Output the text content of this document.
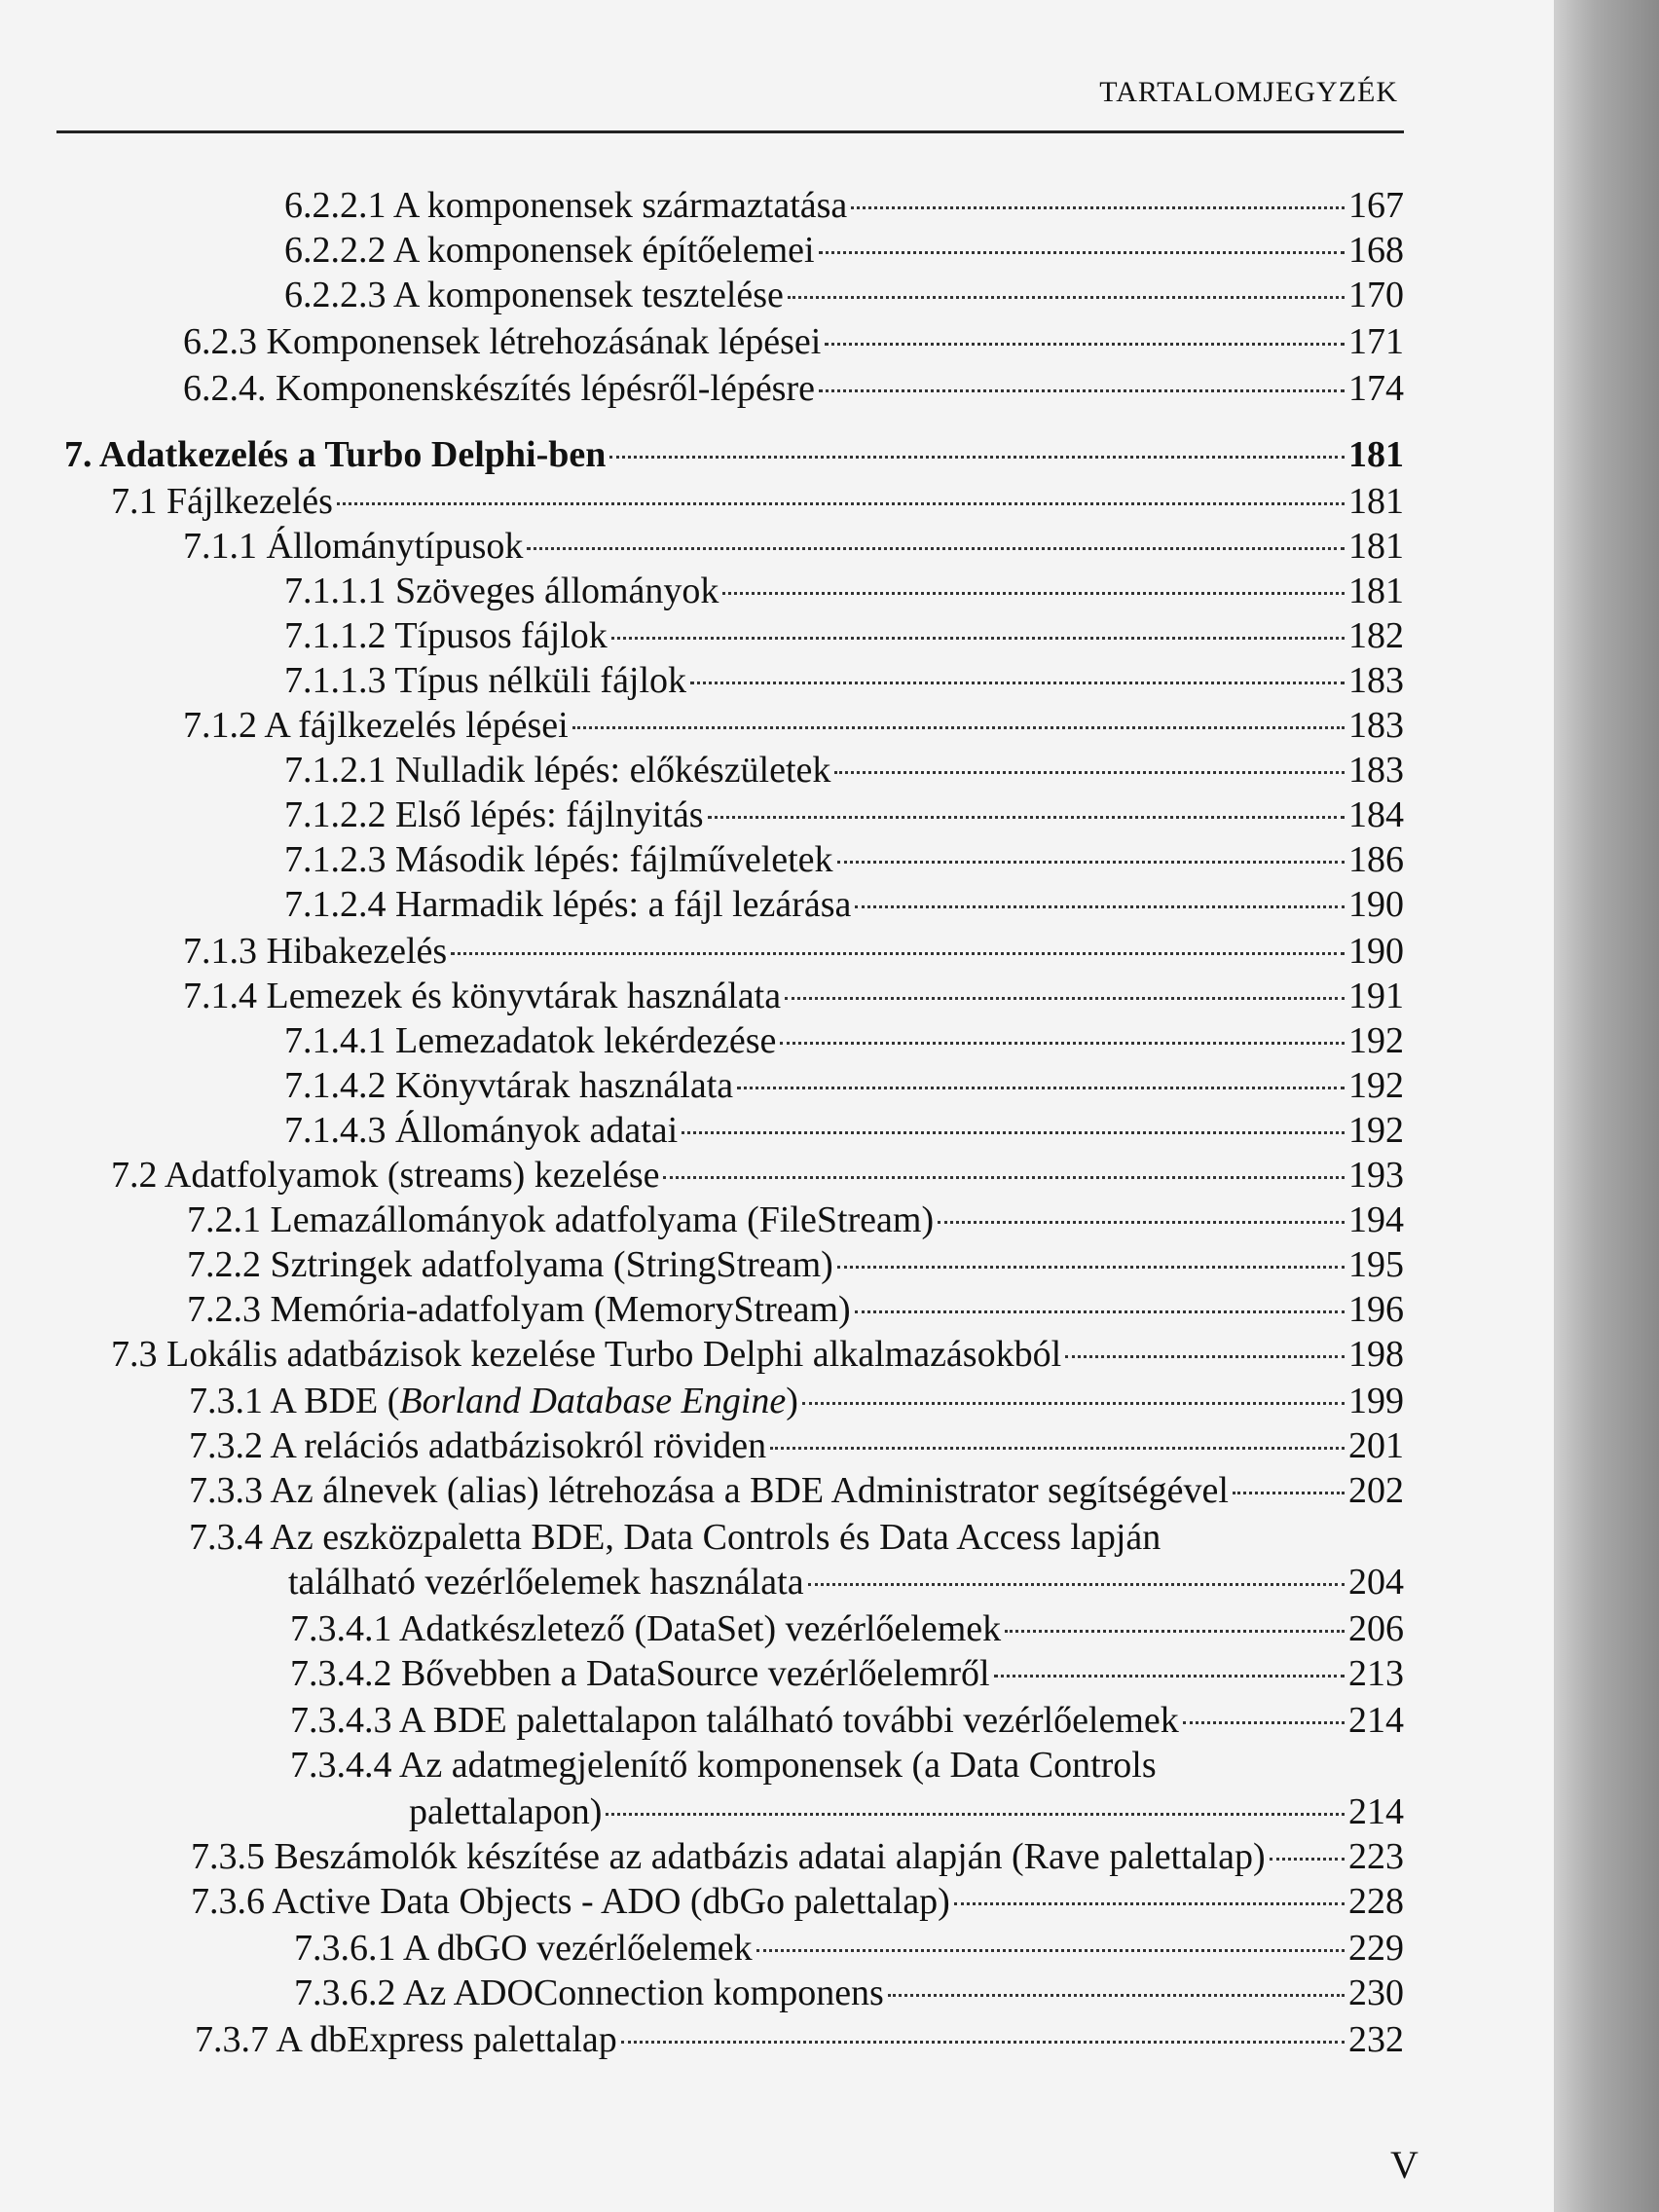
TARTALOMJEGYZÉK
6.2.2.1 A komponensek származtatása	167
6.2.2.2 A komponensek építőelemei	168
6.2.2.3 A komponensek tesztelése	170
6.2.3 Komponensek létrehozásának lépései	171
6.2.4. Komponenskészítés lépésről-lépésre	174
7. Adatkezelés a Turbo Delphi-ben	181
7.1 Fájlkezelés	181
7.1.1 Állománytípusok	181
7.1.1.1 Szöveges állományok	181
7.1.1.2 Típusos fájlok	182
7.1.1.3 Típus nélküli fájlok	183
7.1.2 A fájlkezelés lépései	183
7.1.2.1 Nulladik lépés: előkészületek	183
7.1.2.2 Első lépés: fájlnyitás	184
7.1.2.3 Második lépés: fájlműveletek	186
7.1.2.4 Harmadik lépés: a fájl lezárása	190
7.1.3 Hibakezelés	190
7.1.4 Lemezek és könyvtárak használata	191
7.1.4.1 Lemezadatok lekérdezése	192
7.1.4.2 Könyvtárak használata	192
7.1.4.3 Állományok adatai	192
7.2 Adatfolyamok (streams) kezelése	193
7.2.1 Lemazállományok adatfolyama (FileStream)	194
7.2.2 Sztringek adatfolyama (StringStream)	195
7.2.3 Memória-adatfolyam (MemoryStream)	196
7.3 Lokális adatbázisok kezelése Turbo Delphi alkalmazásokból	198
7.3.1 A BDE (Borland Database Engine)	199
7.3.2 A relációs adatbázisokról röviden	201
7.3.3 Az álnevek (alias) létrehozása a BDE Administrator segítségével	202
7.3.4 Az eszközpaletta BDE, Data Controls és Data Access lapján
található vezérlőelemek használata	204
7.3.4.1 Adatkészletező (DataSet) vezérlőelemek	206
7.3.4.2 Bővebben a DataSource vezérlőelemről	213
7.3.4.3 A BDE palettalapon található további vezérlőelemek	214
7.3.4.4 Az adatmegjelenítő komponensek (a Data Controls
palettalapon)	214
7.3.5 Beszámolók készítése az adatbázis adatai alapján (Rave palettalap) 223
7.3.6 Active Data Objects - ADO (dbGo palettalap)	228
7.3.6.1 A dbGO vezérlőelemek	229
7.3.6.2 Az ADOConnection komponens	230
7.3.7 A dbExpress palettalap	232
V
